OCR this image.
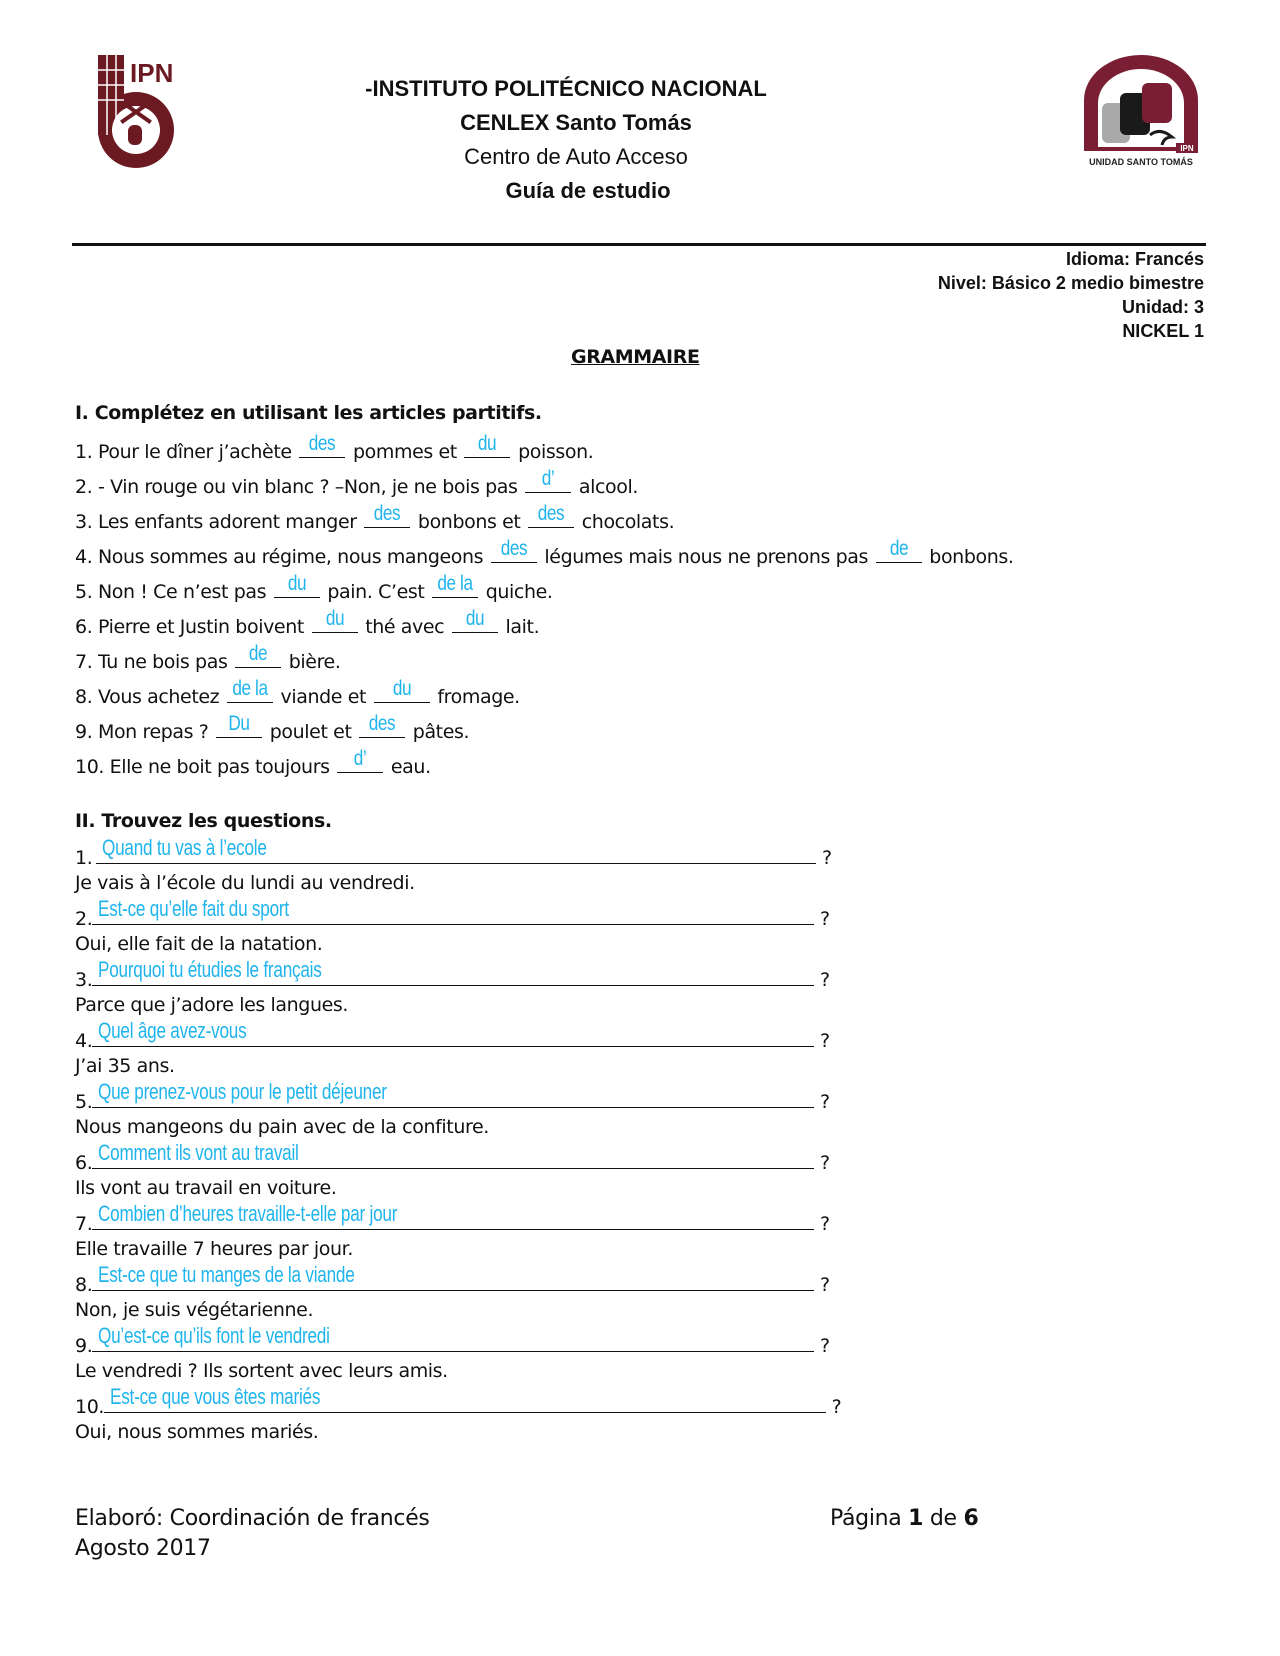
IPN
-INSTITUTO POLITÉCNICO NACIONAL
CENLEX Santo Tomás
Centro de Auto Acceso
Guía de estudio
IPN
UNIDAD SANTO TOMÁS
Idioma: Francés
Nivel: Básico 2 medio bimestre
Unidad: 3
NICKEL 1
GRAMMAIRE
I. Complétez en utilisant les articles partitifs.
1. Pour le dîner j’achète des pommes et	du	poisson.
2. - Vin rouge ou vin blanc ? –Non, je ne bois pas	d’	alcool.
3. Les enfants adorent manger des bonbons et des chocolats.
4. Nous sommes au régime, nous mangeons des légumes mais nous ne prenons pas	de	bonbons.
5. Non ! Ce n’est pas	du	pain. C’est de la quiche.
6. Pierre et Justin boivent	du	thé avec	du	lait.
7. Tu ne bois pas	de	bière.
8. Vous achetez de la viande et du	fromage.
9. Mon repas ? Du	poulet et des pâtes.
10. Elle ne boit pas toujours	d’	eau.
II. Trouvez les questions.
1. Quand tu vas à l’ecole	?
Je vais à l’école du lundi au vendredi.
2. Est-ce qu’elle fait du sport	?
Oui, elle fait de la natation.
3. Pourquoi tu étudies le français	?
Parce que j’adore les langues.
4. Quel âge avez-vous	?
J’ai 35 ans.
5. Que prenez-vous pour le petit déjeuner	?
Nous mangeons du pain avec de la confiture.
6. Comment ils vont au travail	?
Ils vont au travail en voiture.
7. Combien d’heures travaille-t-elle par jour	?
Elle travaille 7 heures par jour.
8. Est-ce que tu manges de la viande	?
Non, je suis végétarienne.
9. Qu’est-ce qu’ils font le vendredi	?
Le vendredi ? Ils sortent avec leurs amis.
10. Est-ce que vous êtes mariés	?
Oui, nous sommes mariés.
Elaboró: Coordinación de francés
Agosto 2017
Página 1 de 6
